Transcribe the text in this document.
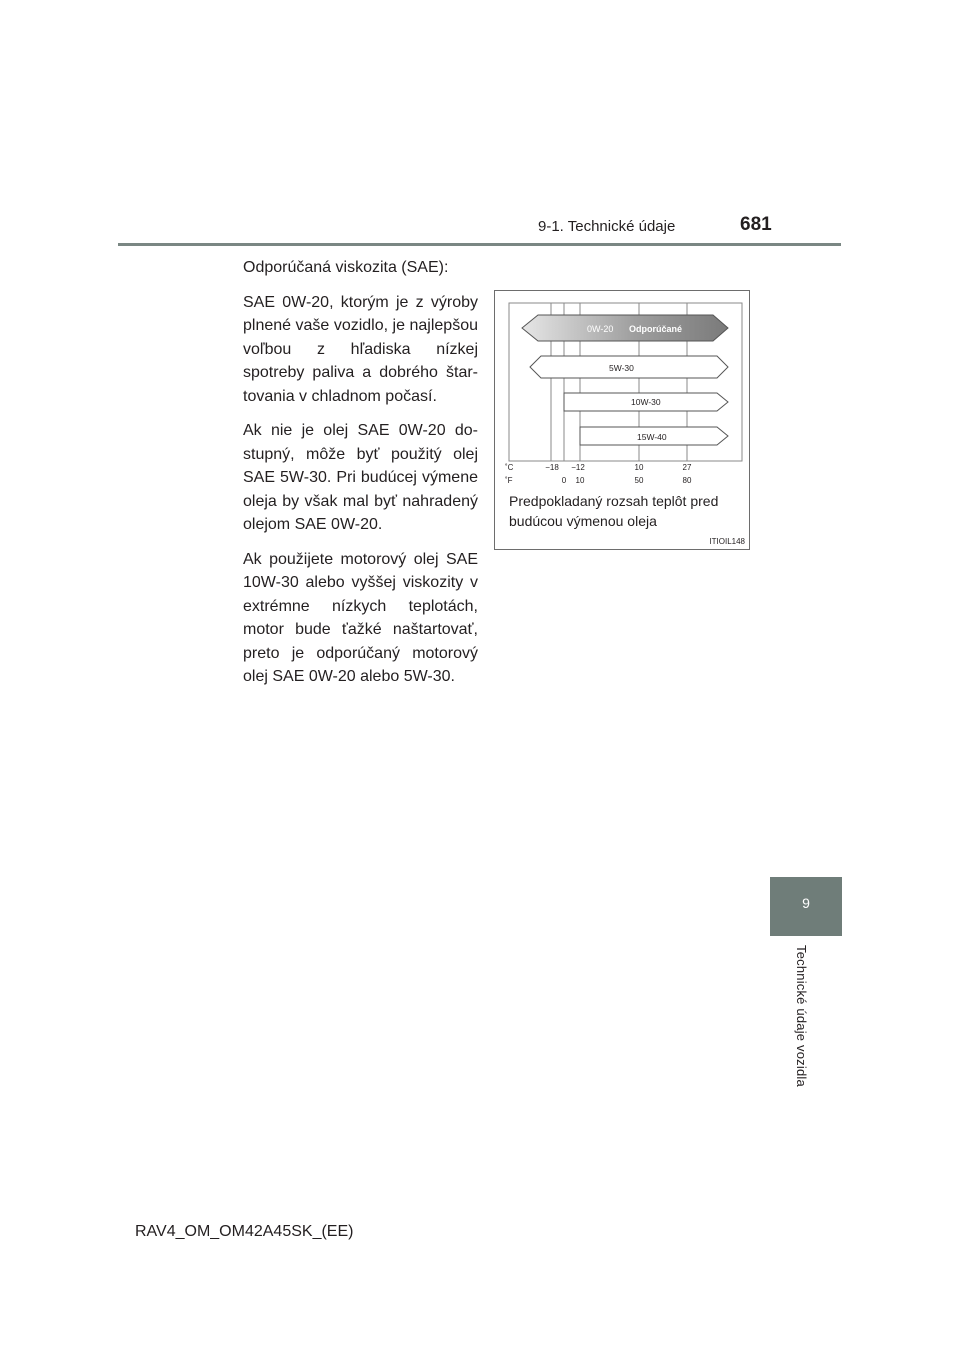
9-1. Technické údaje	681
9
Technické údaje vozidla

Odporúčaná viskozita (SAE):

SAE 0W-20, ktorým je z výroby plnené vaše vozidlo, je najlepšou voľbou z hľadiska nízkej spotreby paliva a dobrého štartovania v chladnom počasí.

Ak nie je olej SAE 0W-20 dostupný, môže byť použitý olej SAE 5W-30. Pri budúcej výmene oleja by však mal byť nahradený olejom SAE 0W-20.

Ak použijete motorový olej SAE 10W-30 alebo vyššej viskozity v extrémne nízkych teplotách, motor bude ťažké naštartovať, preto je odporúčaný motorový olej SAE 0W-20 alebo 5W-30.

0W-20 Odporúčané
5W-30
10W-30
15W-40
˚C	−18 −12	10	27
˚F	0 10	50	80
Predpokladaný rozsah teplôt pred
budúcou výmenou oleja
ITIOIL148
RAV4_OM_OM42A45SK_(EE)
